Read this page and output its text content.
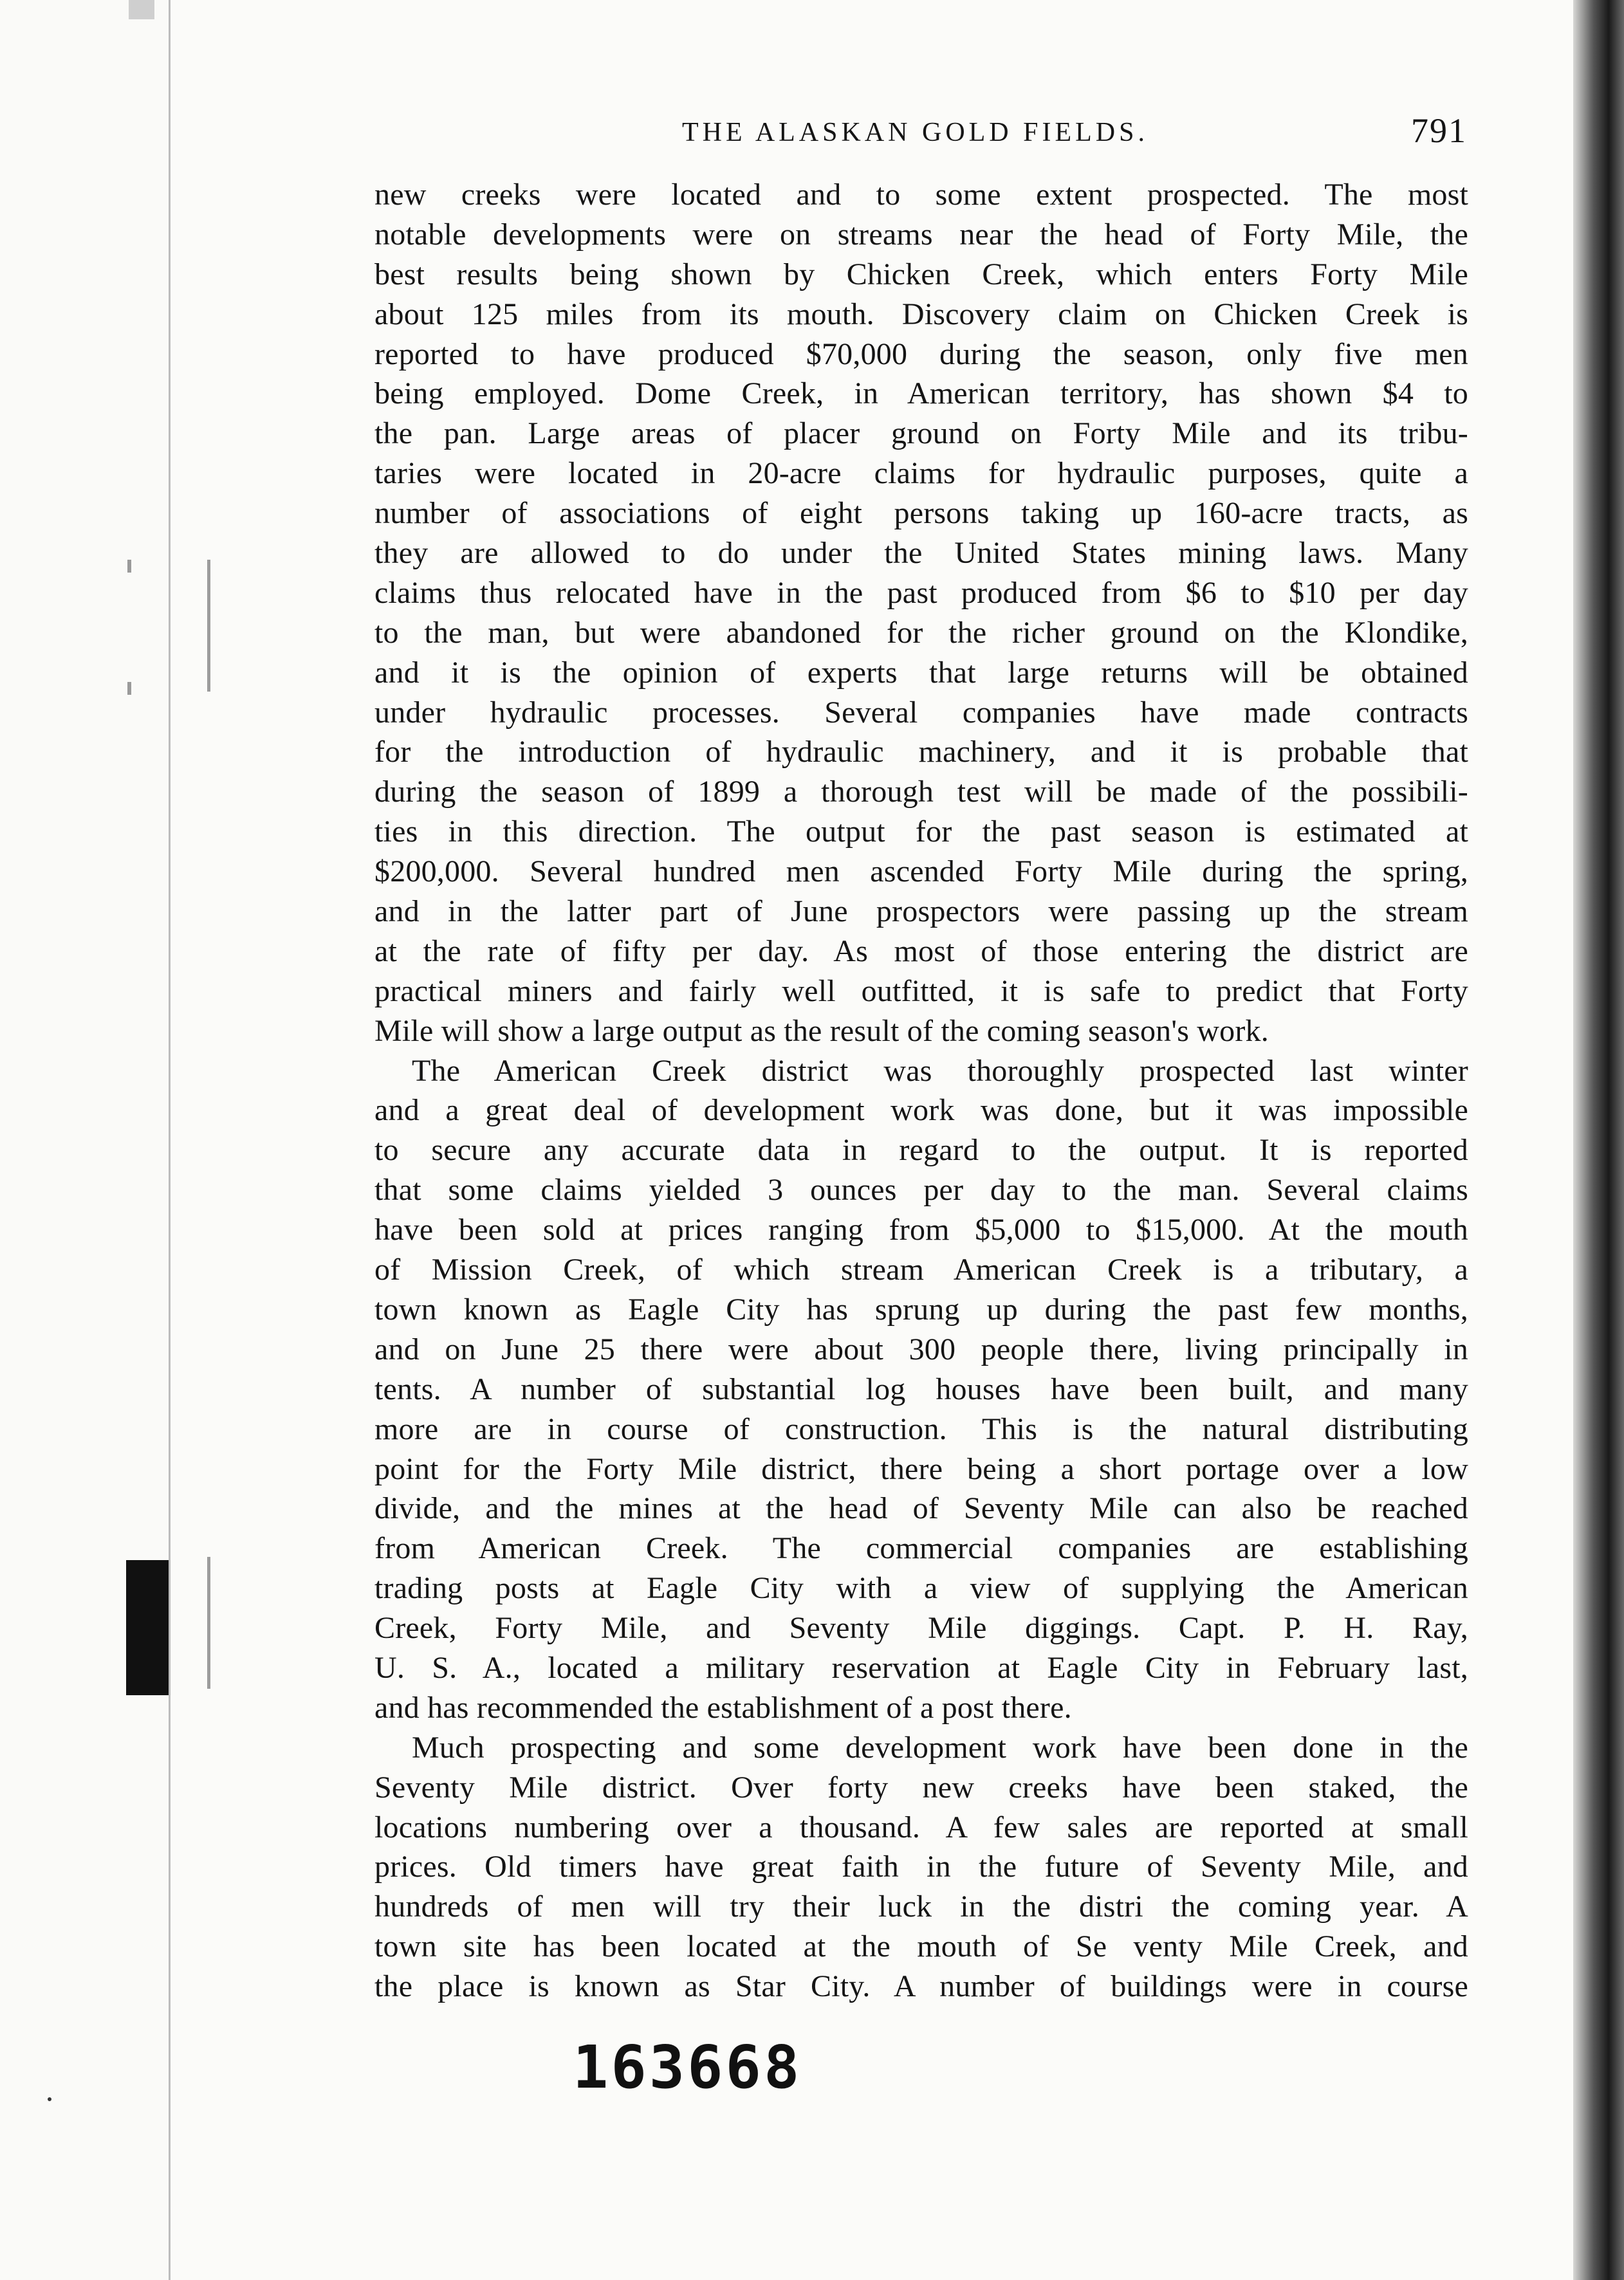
THE ALASKAN GOLD FIELDS.	791
new creeks were located and to some extent prospected. The most
notable developments were on streams near the head of Forty Mile, the
best results being shown by Chicken Creek, which enters Forty Mile
about 125 miles from its mouth. Discovery claim on Chicken Creek is
reported to have produced $70,000 during the season, only five men
being employed. Dome Creek, in American territory, has shown $4 to
the pan. Large areas of placer ground on Forty Mile and its tribu-
taries were located in 20-acre claims for hydraulic purposes, quite a
number of associations of eight persons taking up 160-acre tracts, as
they are allowed to do under the United States mining laws. Many
claims thus relocated have in the past produced from $6 to $10 per day
to the man, but were abandoned for the richer ground on the Klondike,
and it is the opinion of experts that large returns will be obtained
under hydraulic processes. Several companies have made contracts
for the introduction of hydraulic machinery, and it is probable that
during the season of 1899 a thorough test will be made of the possibili-
ties in this direction. The output for the past season is estimated at
$200,000. Several hundred men ascended Forty Mile during the spring,
and in the latter part of June prospectors were passing up the stream
at the rate of fifty per day. As most of those entering the district are
practical miners and fairly well outfitted, it is safe to predict that Forty
Mile will show a large output as the result of the coming season's work.
The American Creek district was thoroughly prospected last winter
and a great deal of development work was done, but it was impossible
to secure any accurate data in regard to the output. It is reported
that some claims yielded 3 ounces per day to the man. Several claims
have been sold at prices ranging from $5,000 to $15,000. At the mouth
of Mission Creek, of which stream American Creek is a tributary, a
town known as Eagle City has sprung up during the past few months,
and on June 25 there were about 300 people there, living principally in
tents. A number of substantial log houses have been built, and many
more are in course of construction. This is the natural distributing
point for the Forty Mile district, there being a short portage over a low
divide, and the mines at the head of Seventy Mile can also be reached
from American Creek. The commercial companies are establishing
trading posts at Eagle City with a view of supplying the American
Creek, Forty Mile, and Seventy Mile diggings. Capt. P. H. Ray,
U. S. A., located a military reservation at Eagle City in February last,
and has recommended the establishment of a post there.
Much prospecting and some development work have been done in the
Seventy Mile district. Over forty new creeks have been staked, the
locations numbering over a thousand. A few sales are reported at small
prices. Old timers have great faith in the future of Seventy Mile, and
hundreds of men will try their luck in the distri the coming year. A
town site has been located at the mouth of Se venty Mile Creek, and
the place is known as Star City. A number of buildings were in course
163668
